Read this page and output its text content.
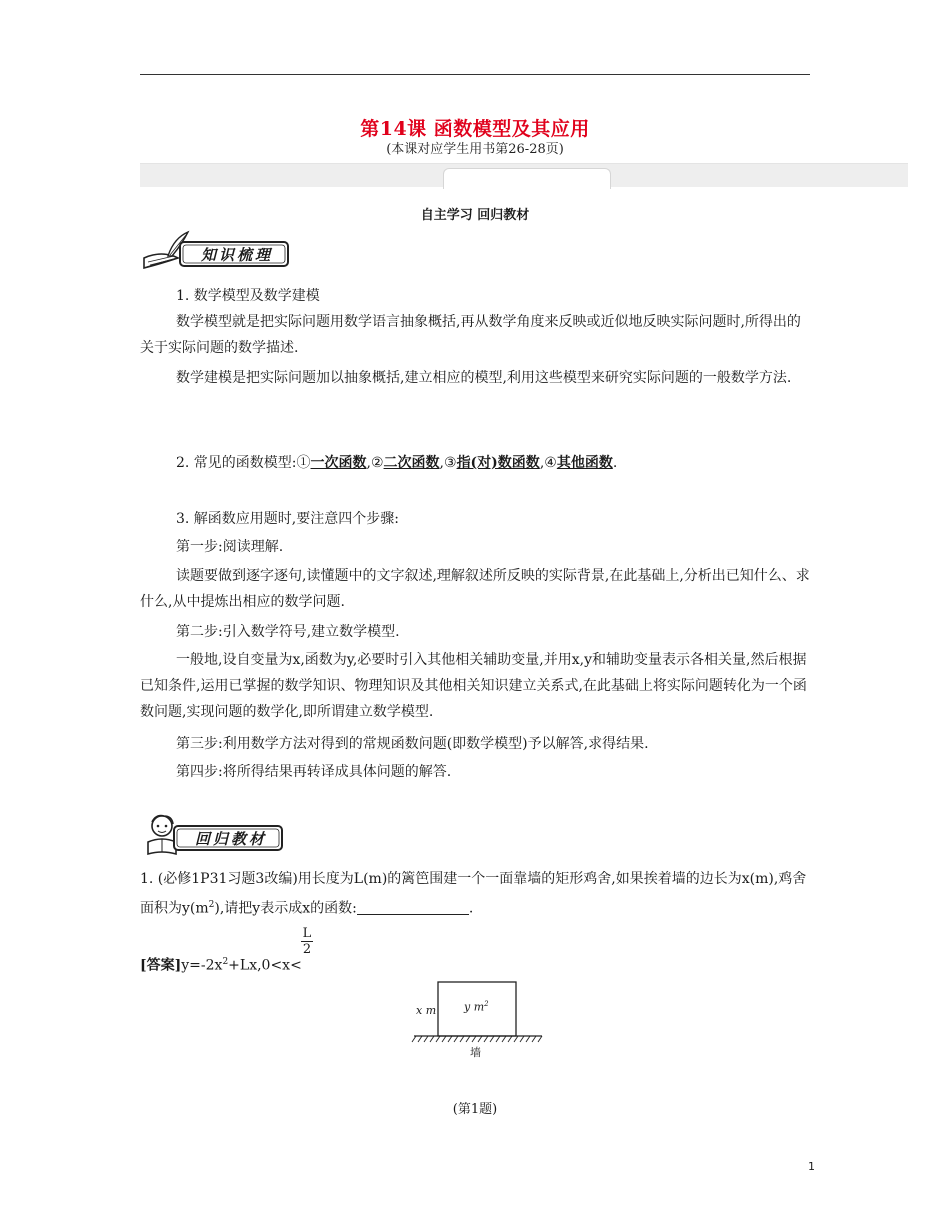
第14课 函数模型及其应用
(本课对应学生用书第26-28页)
自主学习 回归教材
知识梳理

1. 数学模型及数学建模

数学模型就是把实际问题用数学语言抽象概括,再从数学角度来反映或近似地反映实际问题时,所得出的关于实际问题的数学描述.

数学建模是把实际问题加以抽象概括,建立相应的模型,利用这些模型来研究实际问题的一般数学方法.

2. 常见的函数模型:①一次函数,②二次函数,③指(对)数函数,④其他函数.

3. 解函数应用题时,要注意四个步骤:

第一步:阅读理解.

读题要做到逐字逐句,读懂题中的文字叙述,理解叙述所反映的实际背景,在此基础上,分析出已知什么、求什么,从中提炼出相应的数学问题.

第二步:引入数学符号,建立数学模型.

一般地,设自变量为x,函数为y,必要时引入其他相关辅助变量,并用x,y和辅助变量表示各相关量,然后根据已知条件,运用已掌握的数学知识、物理知识及其他相关知识建立关系式,在此基础上将实际问题转化为一个函数问题,实现问题的数学化,即所谓建立数学模型.

第三步:利用数学方法对得到的常规函数问题(即数学模型)予以解答,求得结果.

第四步:将所得结果再转译成具体问题的解答.

回归教材

1. (必修1P31习题3改编)用长度为L(m)的篱笆围建一个一面靠墙的矩形鸡舍,如果挨着墙的边长为x(m),鸡舍面积为$y(m^2)$,请把y表示成x的函数:	.

L
2

[答案]$y=-2x^2+Lx,0<x<$

x m	y $m^2$
墙
(第1题)
1
